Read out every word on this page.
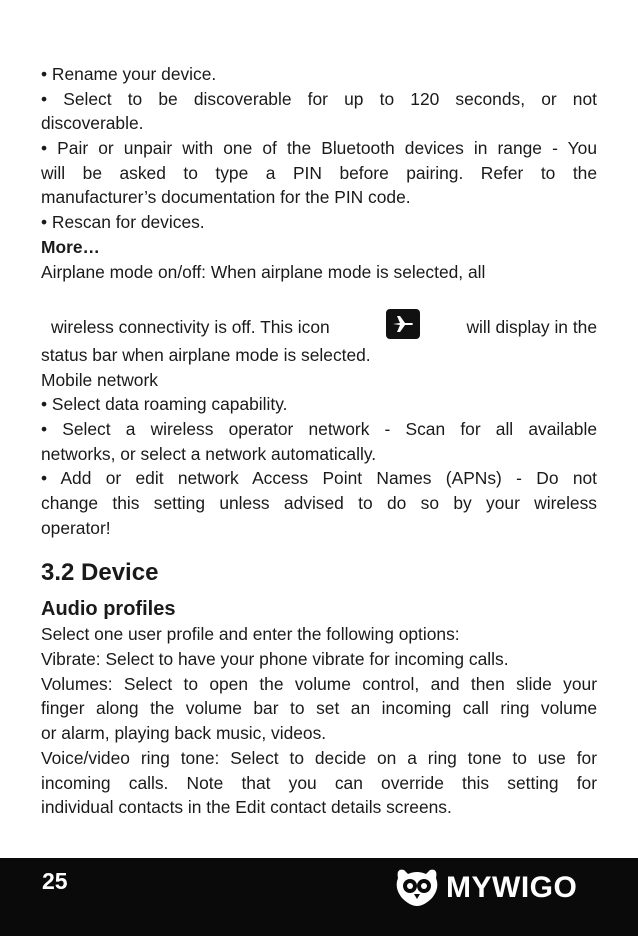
• Rename your device.
• Select to be discoverable for up to 120 seconds, or not
discoverable.
• Pair or unpair with one of the Bluetooth devices in range - You
will be asked to type a PIN before pairing. Refer to the
manufacturer’s documentation for the PIN code.
• Rescan for devices.
More…
Airplane mode on/off: When airplane mode is selected, all
wireless connectivity is off. This icon	will display in the
status bar when airplane mode is selected.
Mobile network
• Select data roaming capability.
• Select a wireless operator network - Scan for all available
networks, or select a network automatically.
• Add or edit network Access Point Names (APNs) - Do not
change this setting unless advised to do so by your wireless
operator!
3.2 Device
Audio profiles
Select one user profile and enter the following options:
Vibrate: Select to have your phone vibrate for incoming calls.
Volumes: Select to open the volume control, and then slide your
finger along the volume bar to set an incoming call ring volume
or alarm, playing back music, videos.
Voice/video ring tone: Select to decide on a ring tone to use for
incoming calls. Note that you can override this setting for
individual contacts in the Edit contact details screens.
25	MYWIGO
